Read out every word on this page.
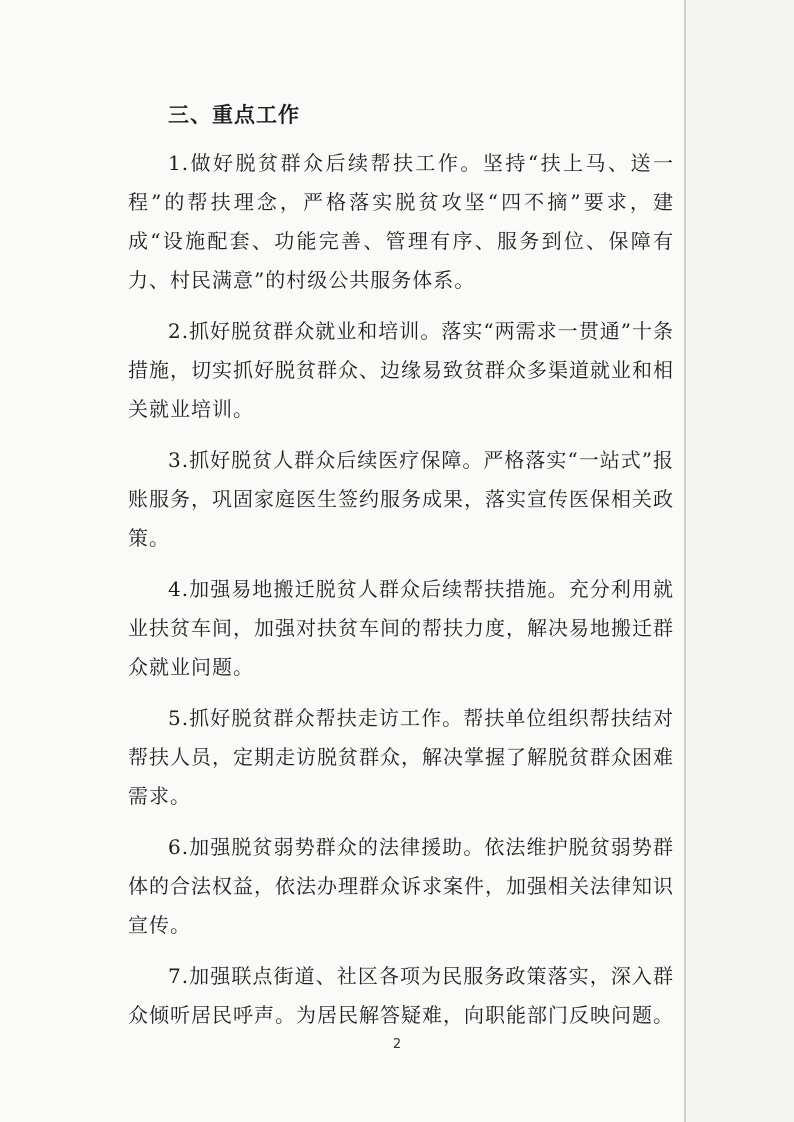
三、重点工作

1.做好脱贫群众后续帮扶工作。坚持“扶上马、送一程”的帮扶理念，严格落实脱贫攻坚“四不摘”要求，建成“设施配套、功能完善、管理有序、服务到位、保障有力、村民满意”的村级公共服务体系。

2.抓好脱贫群众就业和培训。落实“两需求一贯通”十条措施，切实抓好脱贫群众、边缘易致贫群众多渠道就业和相关就业培训。

3.抓好脱贫人群众后续医疗保障。严格落实“一站式”报账服务，巩固家庭医生签约服务成果，落实宣传医保相关政策。

4.加强易地搬迁脱贫人群众后续帮扶措施。充分利用就业扶贫车间，加强对扶贫车间的帮扶力度，解决易地搬迁群众就业问题。

5.抓好脱贫群众帮扶走访工作。帮扶单位组织帮扶结对帮扶人员，定期走访脱贫群众，解决掌握了解脱贫群众困难需求。

6.加强脱贫弱势群众的法律援助。依法维护脱贫弱势群体的合法权益，依法办理群众诉求案件，加强相关法律知识宣传。

7.加强联点街道、社区各项为民服务政策落实，深入群众倾听居民呼声。为居民解答疑难，向职能部门反映问题。

2
